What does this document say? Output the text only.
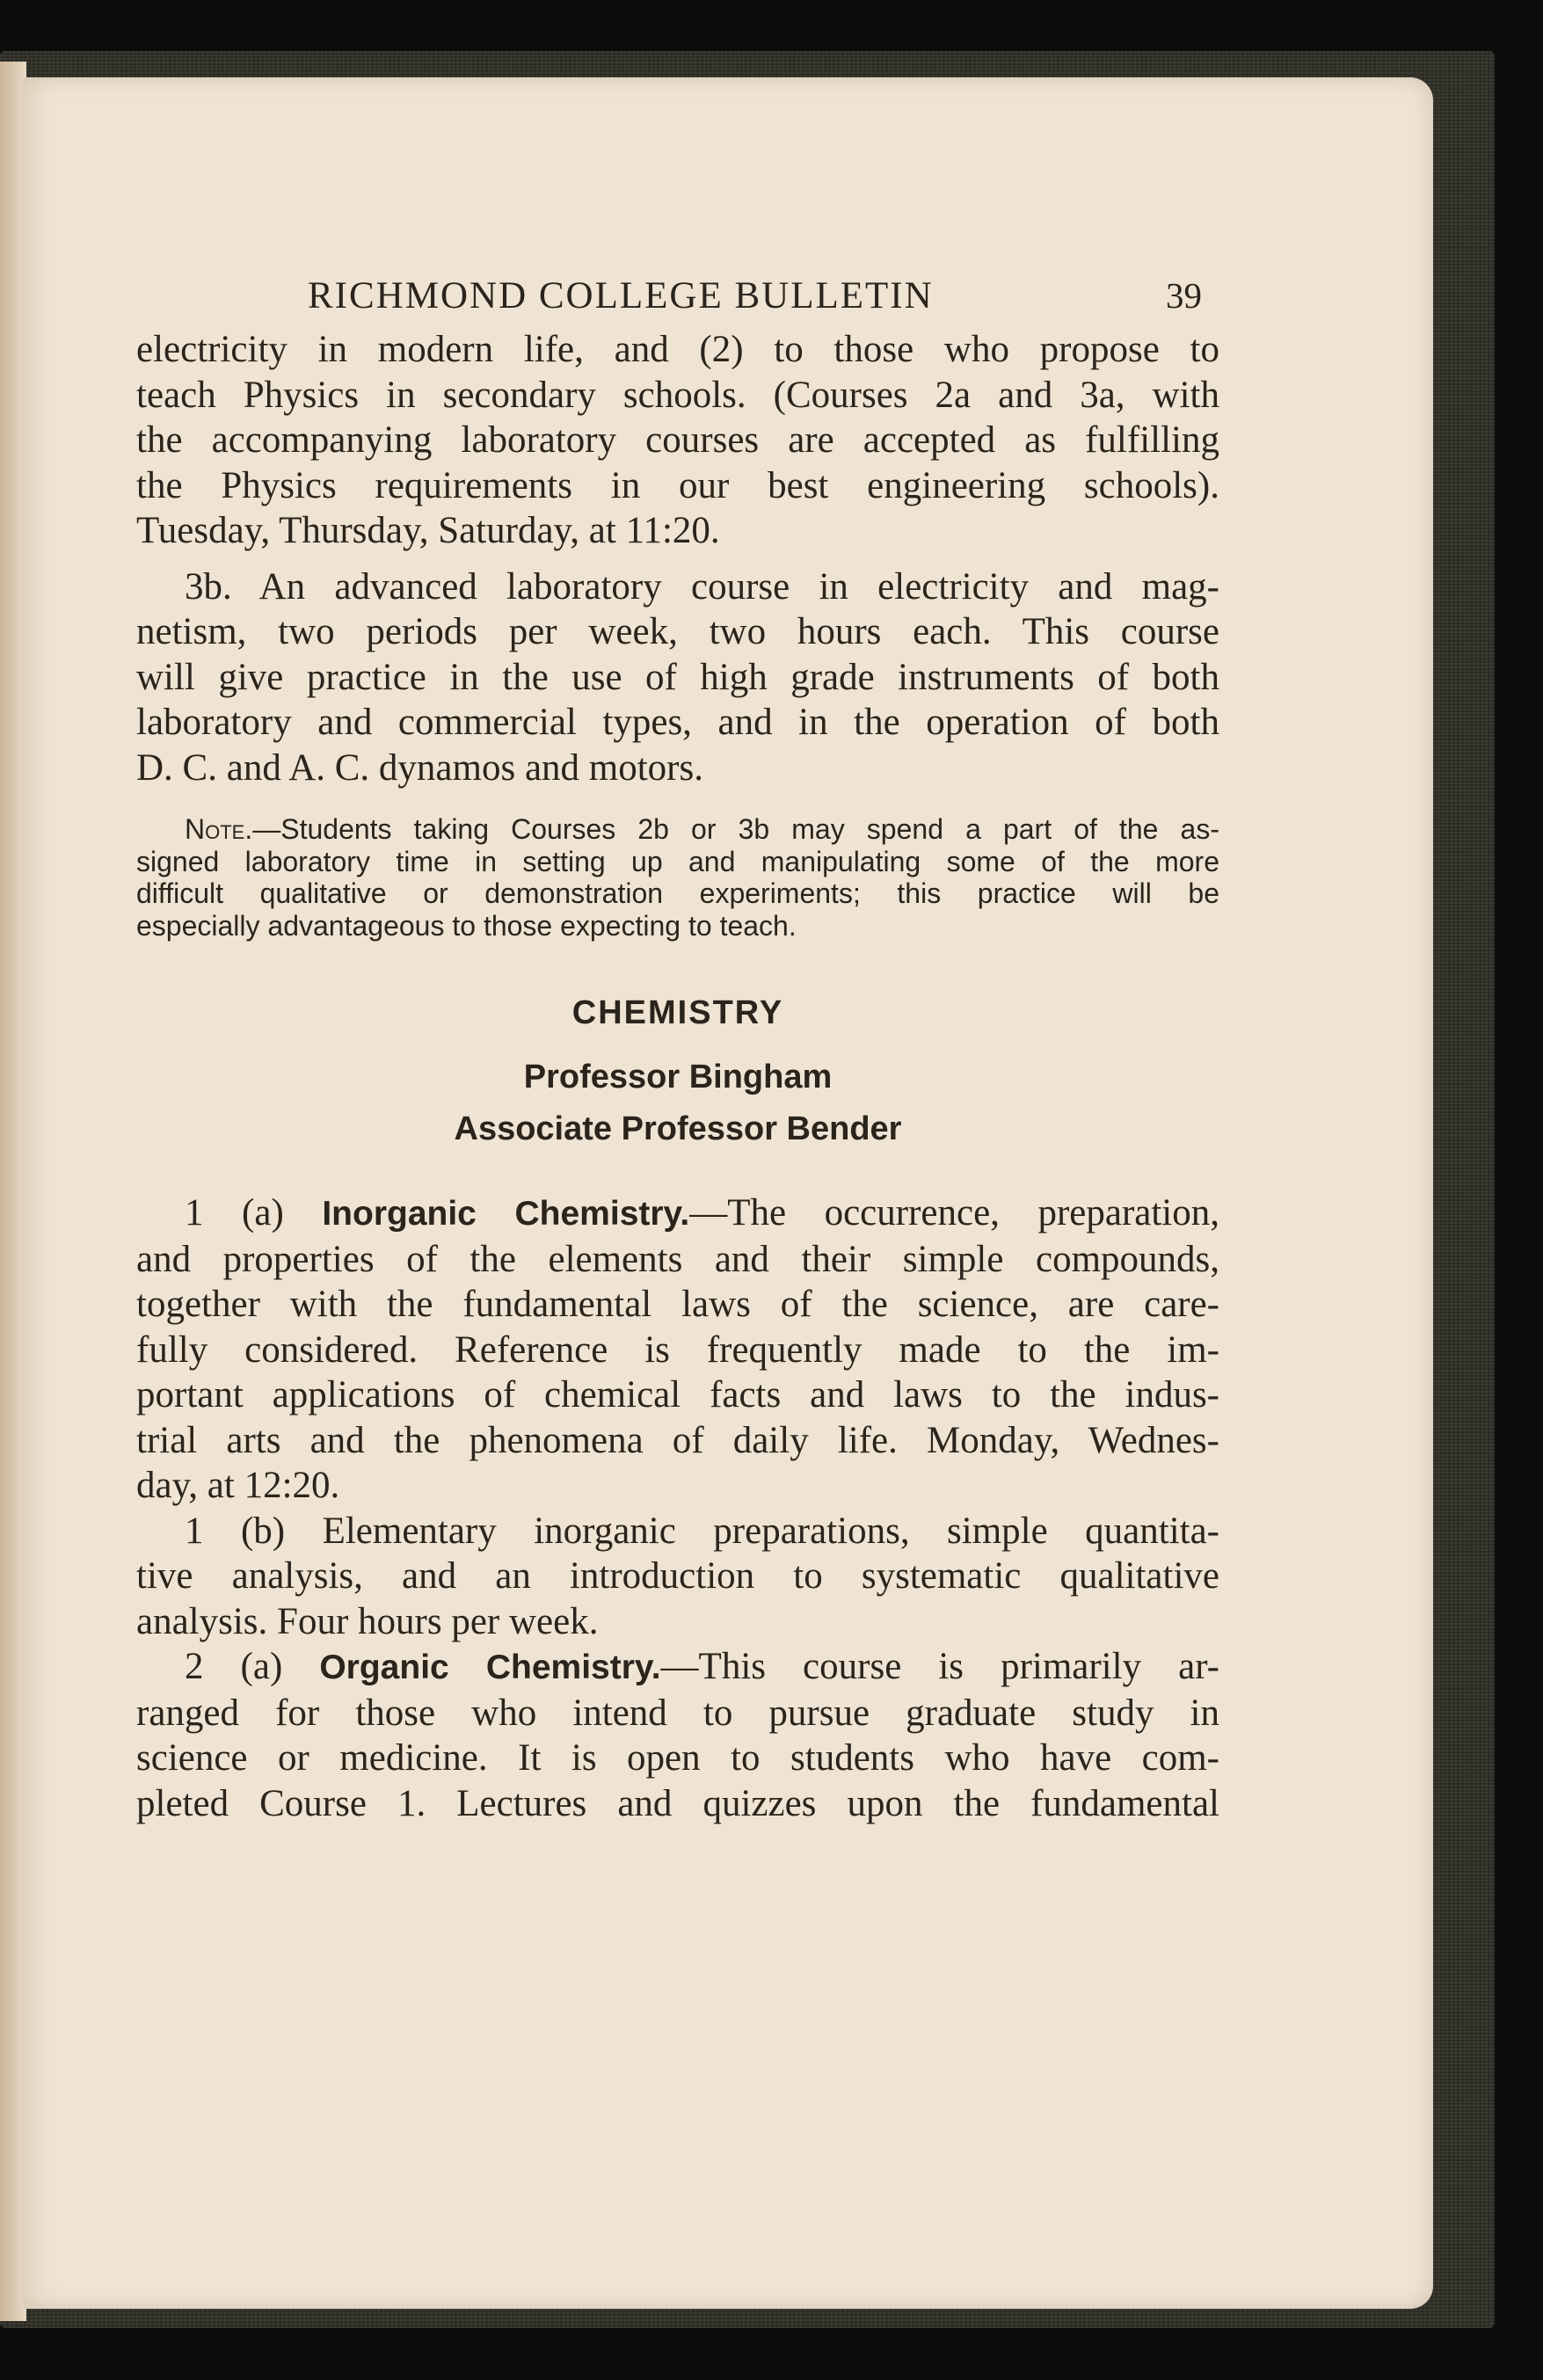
RICHMOND COLLEGE BULLETIN	39
electricity in modern life, and (2) to those who propose to
teach Physics in secondary schools. (Courses 2a and 3a, with
the accompanying laboratory courses are accepted as fulfilling
the Physics requirements in our best engineering schools).
Tuesday, Thursday, Saturday, at 11:20.
3b. An advanced laboratory course in electricity and mag-
netism, two periods per week, two hours each. This course
will give practice in the use of high grade instruments of both
laboratory and commercial types, and in the operation of both
D. C. and A. C. dynamos and motors.
Note.—Students taking Courses 2b or 3b may spend a part of the as-
signed laboratory time in setting up and manipulating some of the more
difficult qualitative or demonstration experiments; this practice will be
especially advantageous to those expecting to teach.
CHEMISTRY
Professor Bingham
Associate Professor Bender
1 (a) Inorganic Chemistry.—The occurrence, preparation,
and properties of the elements and their simple compounds,
together with the fundamental laws of the science, are care-
fully considered. Reference is frequently made to the im-
portant applications of chemical facts and laws to the indus-
trial arts and the phenomena of daily life. Monday, Wednes-
day, at 12:20.
1 (b) Elementary inorganic preparations, simple quantita-
tive analysis, and an introduction to systematic qualitative
analysis. Four hours per week.
2 (a) Organic Chemistry.—This course is primarily ar-
ranged for those who intend to pursue graduate study in
science or medicine. It is open to students who have com-
pleted Course 1. Lectures and quizzes upon the fundamental
